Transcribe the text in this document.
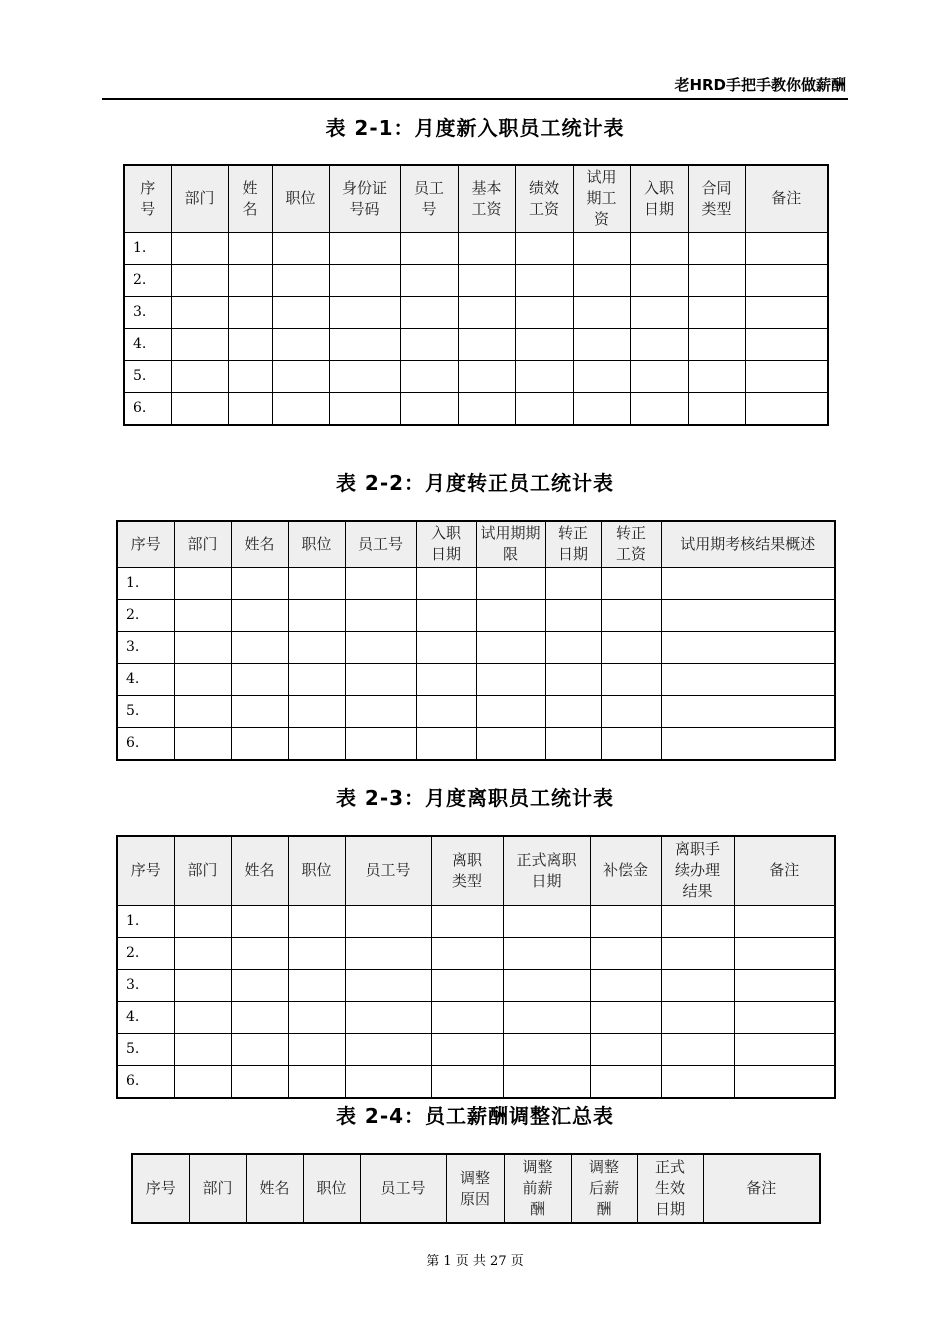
老HRD手把手教你做薪酬
表 2-1：月度新入职员工统计表
序号	部门	姓名	职位	身份证号码	员工号	基本工资	绩效工资	试用期工资	入职日期	合同类型	备注
1.											
2.											
3.											
4.											
5.											
6.											
表 2-2：月度转正员工统计表
序号	部门	姓名	职位	员工号	入职日期	试用期期限	转正日期	转正工资	试用期考核结果概述
1.									
2.									
3.									
4.									
5.									
6.									
表 2-3：月度离职员工统计表
序号	部门	姓名	职位	员工号	离职类型	正式离职日期	补偿金	离职手续办理结果	备注
1.									
2.									
3.									
4.									
5.									
6.									
表 2-4：员工薪酬调整汇总表
序号	部门	姓名	职位	员工号	调整原因	调整前薪酬	调整后薪酬	正式生效日期	备注
第 1 页 共 27 页
